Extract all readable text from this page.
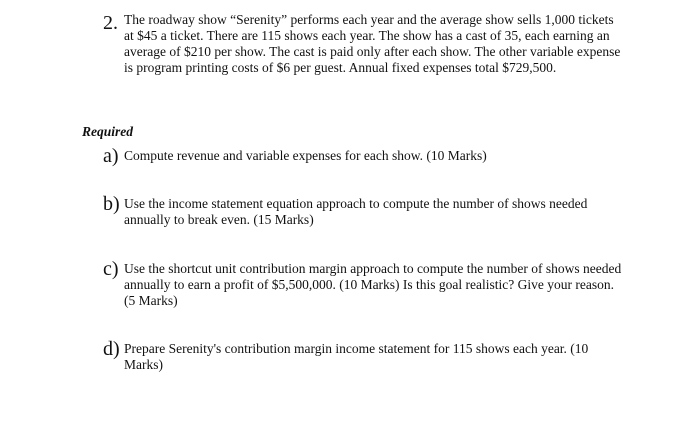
2. The roadway show “Serenity” performs each year and the average show sells 1,000 tickets at $45 a ticket. There are 115 shows each year. The show has a cast of 35, each earning an average of $210 per show. The cast is paid only after each show. The other variable expense is program printing costs of $6 per guest. Annual fixed expenses total $729,500.
Required
a) Compute revenue and variable expenses for each show. (10 Marks)
b) Use the income statement equation approach to compute the number of shows needed annually to break even. (15 Marks)
c) Use the shortcut unit contribution margin approach to compute the number of shows needed annually to earn a profit of $5,500,000. (10 Marks) Is this goal realistic? Give your reason. (5 Marks)
d) Prepare Serenity's contribution margin income statement for 115 shows each year. (10 Marks)
